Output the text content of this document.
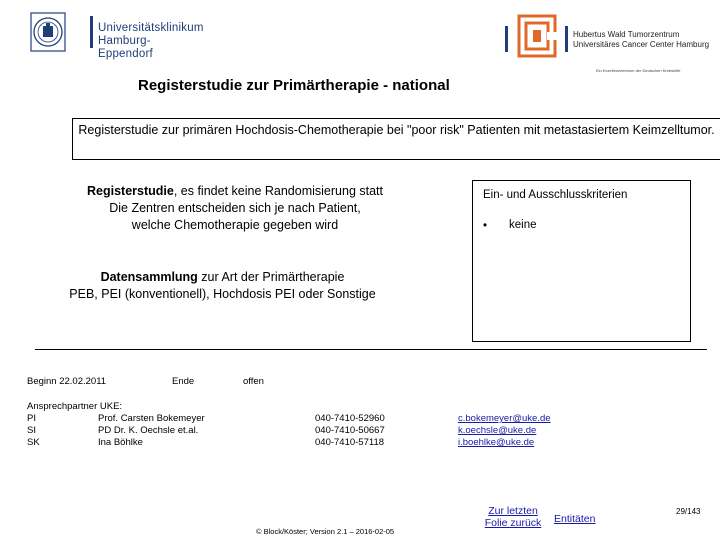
Universitätsklinikum
Hamburg-Eppendorf
Hubertus Wald Tumorzentrum
Universitäres Cancer Center Hamburg
Ein Exzellenzzentrum der Deutschen Krebshilfe
Registerstudie zur Primärtherapie - national
Registerstudie zur primären Hochdosis-Chemotherapie bei "poor risk" Patienten mit metastasiertem Keimzelltumor.
Registerstudie, es findet keine Randomisierung statt
Die Zentren entscheiden sich je nach Patient,
welche Chemotherapie gegeben wird
Ein- und Ausschlusskriterien
• keine
Datensammlung zur Art der Primärtherapie
PEB, PEI (konventionell), Hochdosis PEI oder Sonstige
Beginn 22.02.2011	Ende	offen
Ansprechpartner UKE:
PI	Prof. Carsten Bokemeyer	040-7410-52960	c.bokemeyer@uke.de
SI	PD Dr. K. Oechsle et.al.	040-7410-50667	k.oechsle@uke.de
SK	Ina Böhlke	040-7410-57118	i.boehlke@uke.de
Zur letzten
Folie zurück Entitäten
29/143
© Block/Köster; Version 2.1 – 2016-02-05
